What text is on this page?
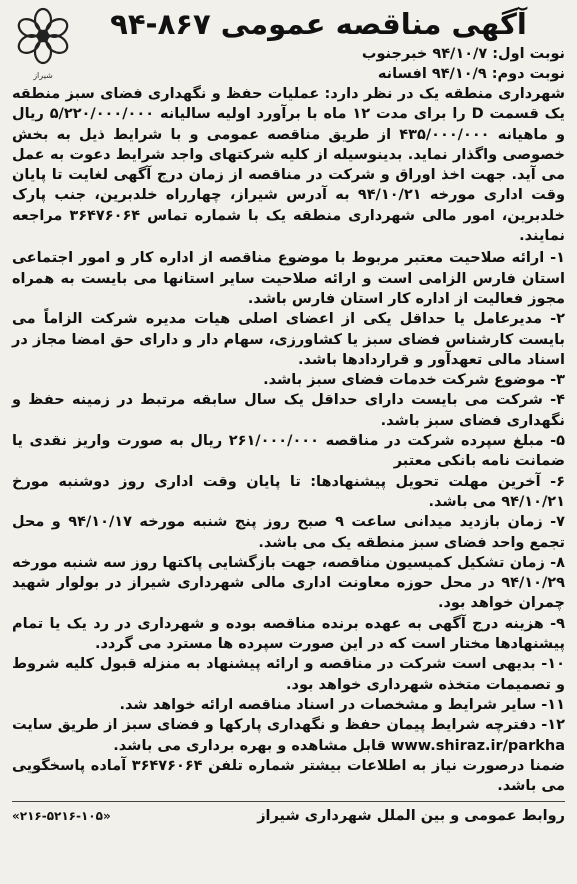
شیراز
آگهی مناقصه عمومی ۸۶۷-۹۴
نوبت اول: ۹۴/۱۰/۷ خبرجنوب
نوبت دوم: ۹۴/۱۰/۹ افسانه

شهرداری منطقه یک در نظر دارد: عملیات حفظ و نگهداری فضای سبز منطقه یک قسمت D را برای مدت ۱۲ ماه با برآورد اولیه سالیانه ۵/۲۲۰/۰۰۰/۰۰۰ ریال و ماهیانه ۴۳۵/۰۰۰/۰۰۰ از طریق مناقصه عمومی و با شرایط ذیل به بخش خصوصی واگذار نماید. بدینوسیله از کلیه شرکتهای واجد شرایط دعوت به عمل می آید. جهت اخذ اوراق و شرکت در مناقصه از زمان درج آگهی لغایت تا پایان وقت اداری مورخه ۹۴/۱۰/۲۱ به آدرس شیراز، چهارراه خلدبرین، جنب پارک خلدبرین، امور مالی شهرداری منطقه یک با شماره تماس ۳۶۴۷۶۰۶۴ مراجعه نمایند.

۱- ارائه صلاحیت معتبر مربوط با موضوع مناقصه از اداره کار و امور اجتماعی استان فارس الزامی است و ارائه صلاحیت سایر استانها می بایست به همراه مجوز فعالیت از اداره کار استان فارس باشد.
۲- مدیرعامل یا حداقل یکی از اعضای اصلی هیات مدیره شرکت الزاماً می بایست کارشناس فضای سبز یا کشاورزی، سهام دار و دارای حق امضا مجاز در اسناد مالی تعهدآور و قراردادها باشد.
۳- موضوع شرکت خدمات فضای سبز باشد.
۴- شرکت می بایست دارای حداقل یک سال سابقه مرتبط در زمینه حفظ و نگهداری فضای سبز باشد.
۵- مبلغ سپرده شرکت در مناقصه ۲۶۱/۰۰۰/۰۰۰ ریال به صورت واریز نقدی یا ضمانت نامه بانکی معتبر
۶- آخرین مهلت تحویل پیشنهادها: تا پایان وقت اداری روز دوشنبه مورخ ۹۴/۱۰/۲۱ می باشد.
۷- زمان بازدید میدانی ساعت ۹ صبح روز پنج شنبه مورخه ۹۴/۱۰/۱۷ و محل تجمع واحد فضای سبز منطقه یک می باشد.
۸- زمان تشکیل کمیسیون مناقصه، جهت بازگشایی پاکتها روز سه شنبه مورخه ۹۴/۱۰/۲۹ در محل حوزه معاونت اداری مالی شهرداری شیراز در بولوار شهید چمران خواهد بود.
۹- هزینه درج آگهی به عهده برنده مناقصه بوده و شهرداری در رد یک یا تمام پیشنهادها مختار است که در این صورت سپرده ها مسترد می گردد.
۱۰- بدیهی است شرکت در مناقصه و ارائه پیشنهاد به منزله قبول کلیه شروط و تصمیمات متخذه شهرداری خواهد بود.
۱۱- سایر شرایط و مشخصات در اسناد مناقصه ارائه خواهد شد.
۱۲- دفترچه شرایط پیمان حفظ و نگهداری پارکها و فضای سبز از طریق سایت www.shiraz.ir/parkha قابل مشاهده و بهره برداری می باشد.
ضمنا درصورت نیاز به اطلاعات بیشتر شماره تلفن ۳۶۴۷۶۰۶۴ آماده پاسخگویی می باشد.
روابط عمومی و بین الملل شهرداری شیراز
«۲۱۶-۵۲۱۶-۱۰۵»
